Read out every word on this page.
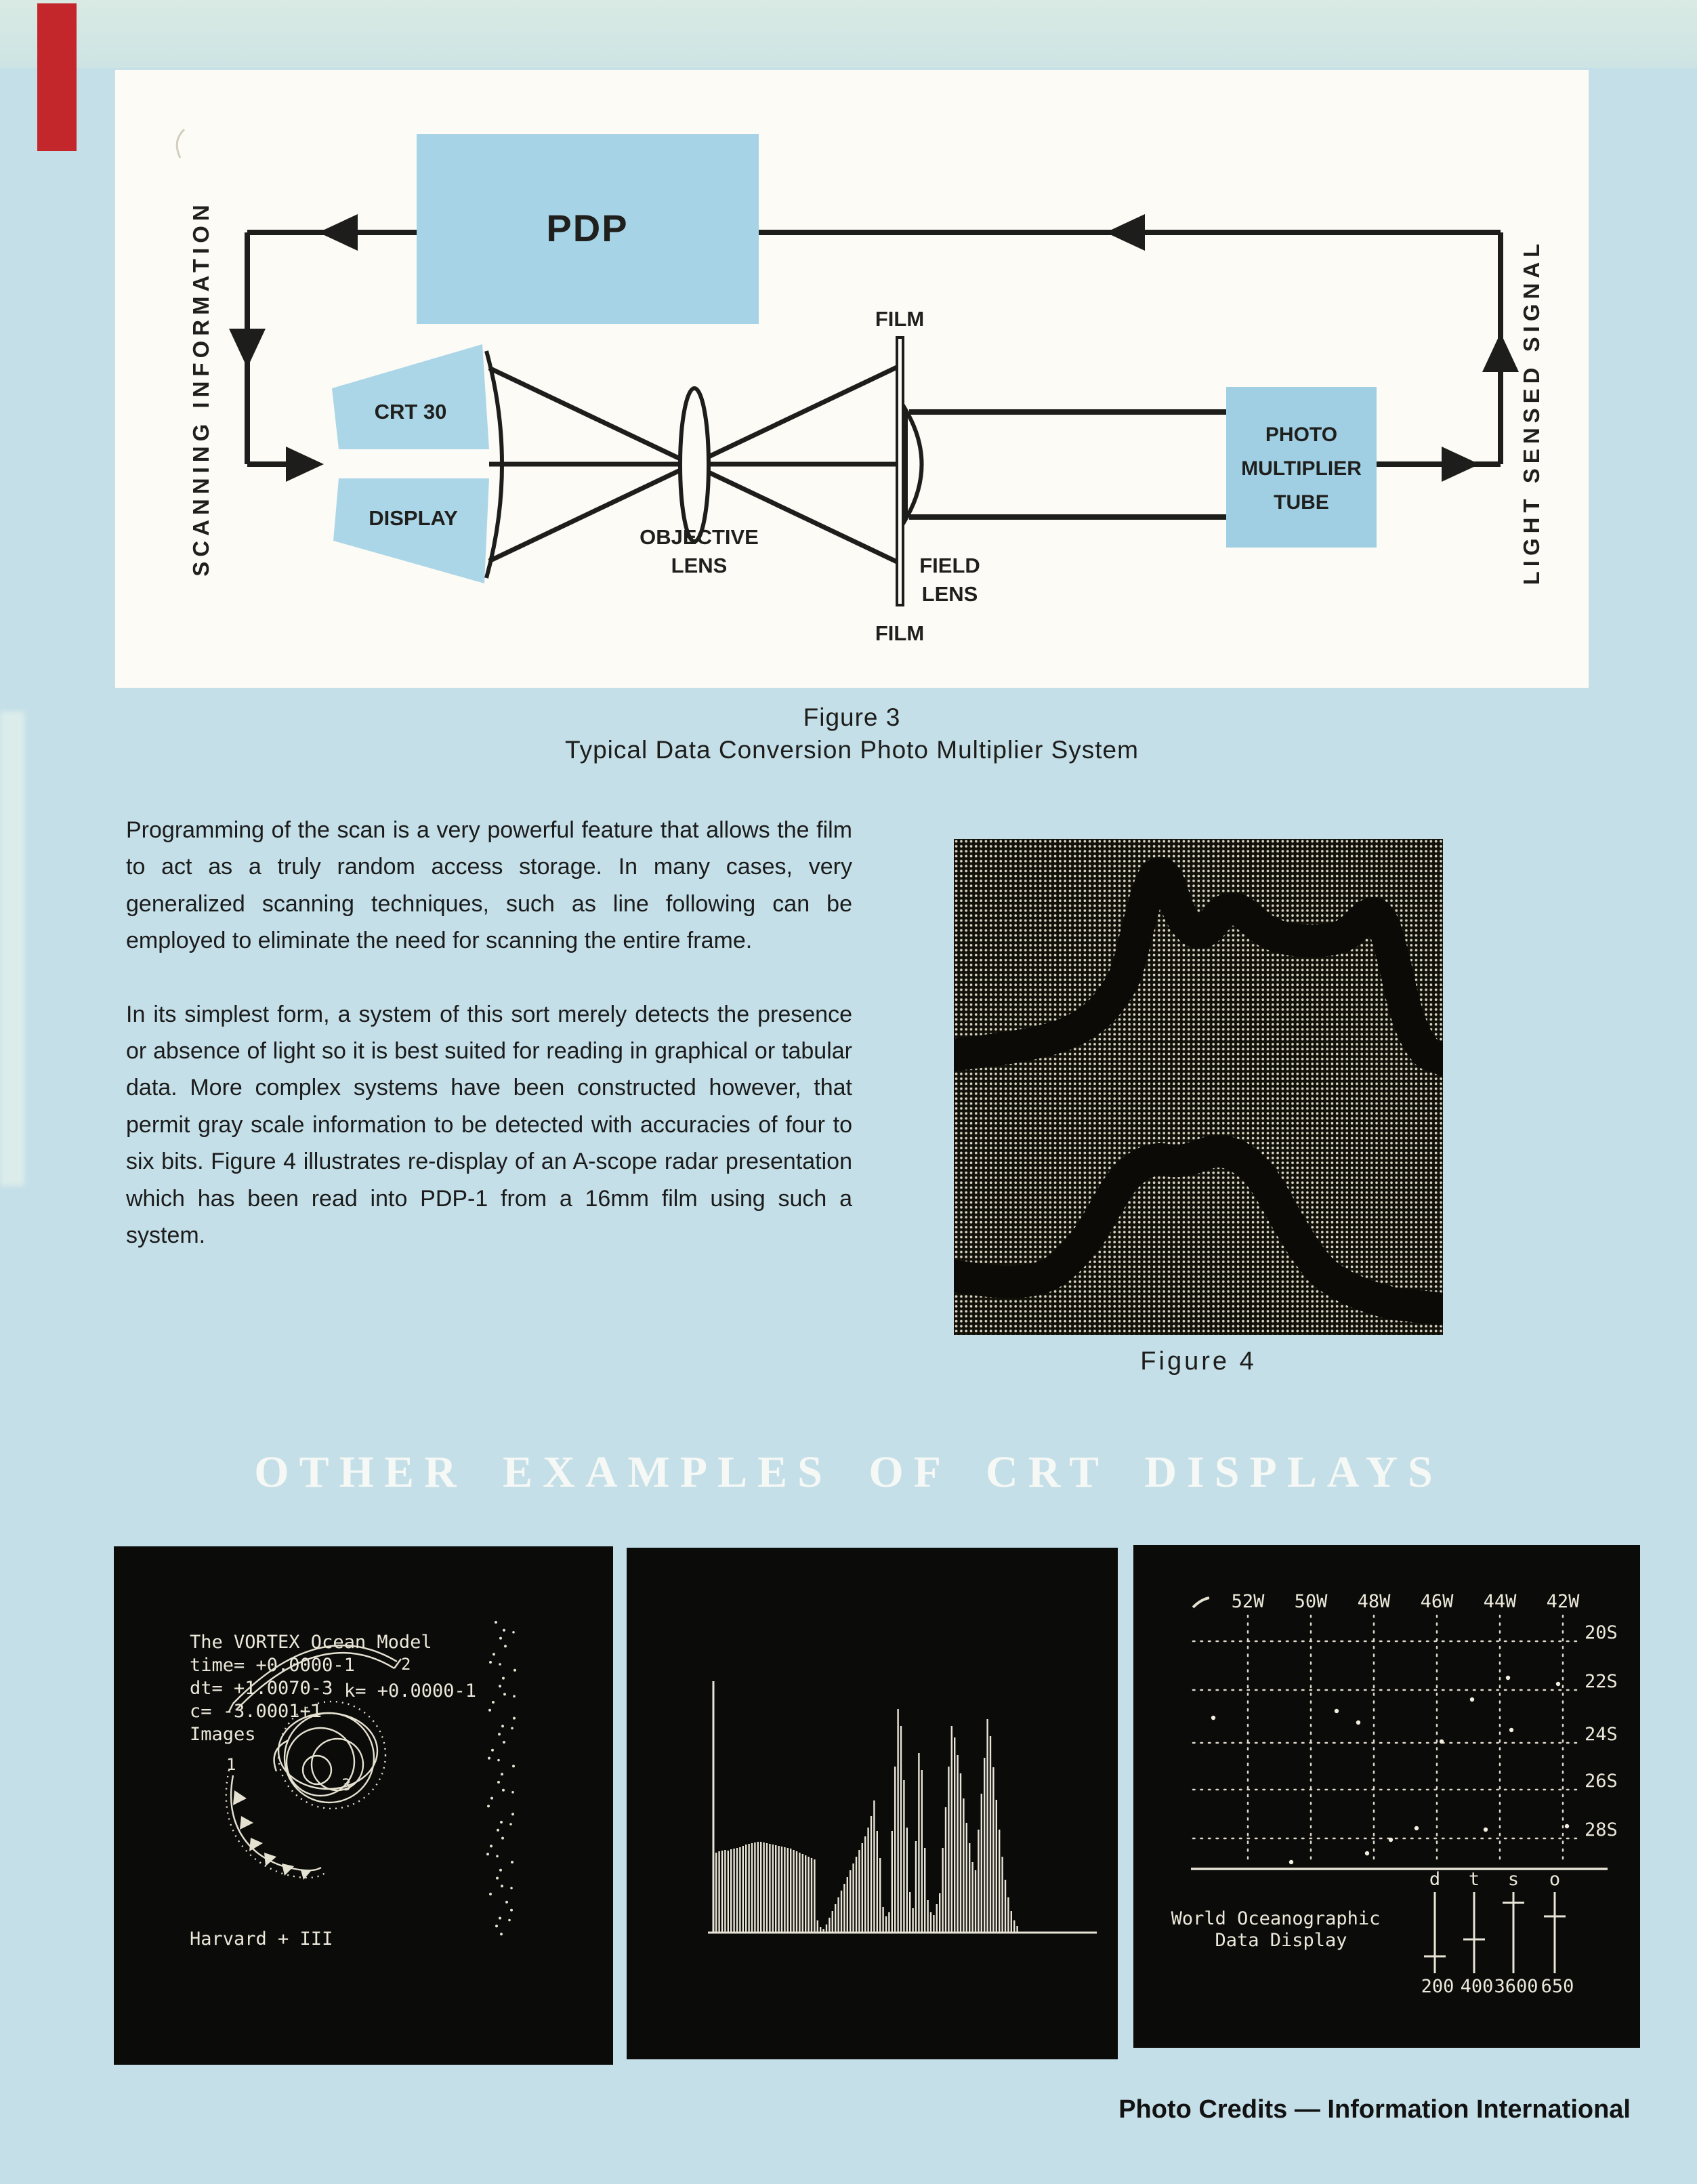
PDP
CRT 30
DISPLAY
OBJECTIVE
LENS
FILM
FILM
FIELD
LENS
PHOTO
MULTIPLIER
TUBE
SCANNING INFORMATION	LIGHT SENSED SIGNAL
Figure 3
Typical Data Conversion Photo Multiplier System

Programming of the scan is a very powerful feature that allows the film to act as a truly random access storage. In many cases, very generalized scanning techniques, such as line following can be employed to eliminate the need for scanning the entire frame.

In its simplest form, a system of this sort merely detects the presence or absence of light so it is best suited for reading in graphical or tabular data. More complex systems have been constructed however, that permit gray scale information to be detected with accuracies of four to six bits. Figure 4 illustrates re-display of an A-scope radar presentation which has been read into PDP-1 from a 16mm film using such a system.

Figure 4
OTHER EXAMPLES OF CRT DISPLAYS
The VORTEX Ocean Model
time= +0.0000-1
dt= +1.0070-3 k= +0.0000-1
c= -3.0001+1
Images
Harvard + III
1
2
3
52W 50W 48W 46W 44W 42W
20S
22S
24S
26S
28S
d
200
t
400
s
3600
o
650
World Oceanographic
Data Display
Photo Credits — Information International
